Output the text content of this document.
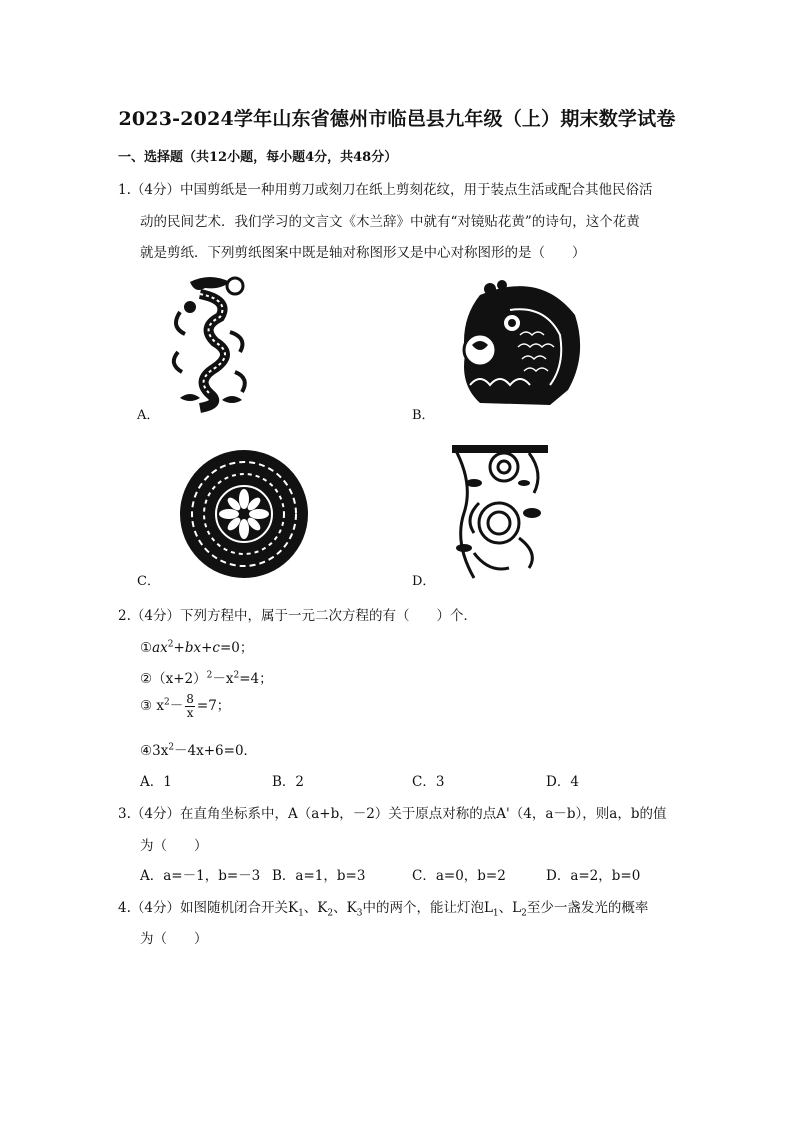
2023-2024学年山东省德州市临邑县九年级（上）期末数学试卷
一、选择题（共12小题，每小题4分，共48分）
1.（4分）中国剪纸是一种用剪刀或刻刀在纸上剪刻花纹，用于装点生活或配合其他民俗活
动的民间艺术．我们学习的文言文《木兰辞》中就有“对镜贴花黄”的诗句，这个花黄
就是剪纸．下列剪纸图案中既是轴对称图形又是中心对称图形的是（　　）
A．	B．
C．	D．
2.（4分）下列方程中，属于一元二次方程的有（　　）个．
$①ax^2+bx+c=0$；
$②(x+2)^2-x^2=4$；
③ $x^2- \frac{8}{x} =7$；
$④3x^2-4x+6=0$．
A．1	B．2	C．3	D．4
3.（4分）在直角坐标系中，A（a+b，－2）关于原点对称的点A'（4，a－b），则a，b的值
为（　　）
A．a=－1，b=－3 B．a=1，b=3	C．a=0，b=2	D．a=2，b=0
4.（4分）如图随机闭合开关$K_1$、$K_2$、$K_3$中的两个，能让灯泡$L_1$、$L_2$至少一盏发光的概率
为（　　）
